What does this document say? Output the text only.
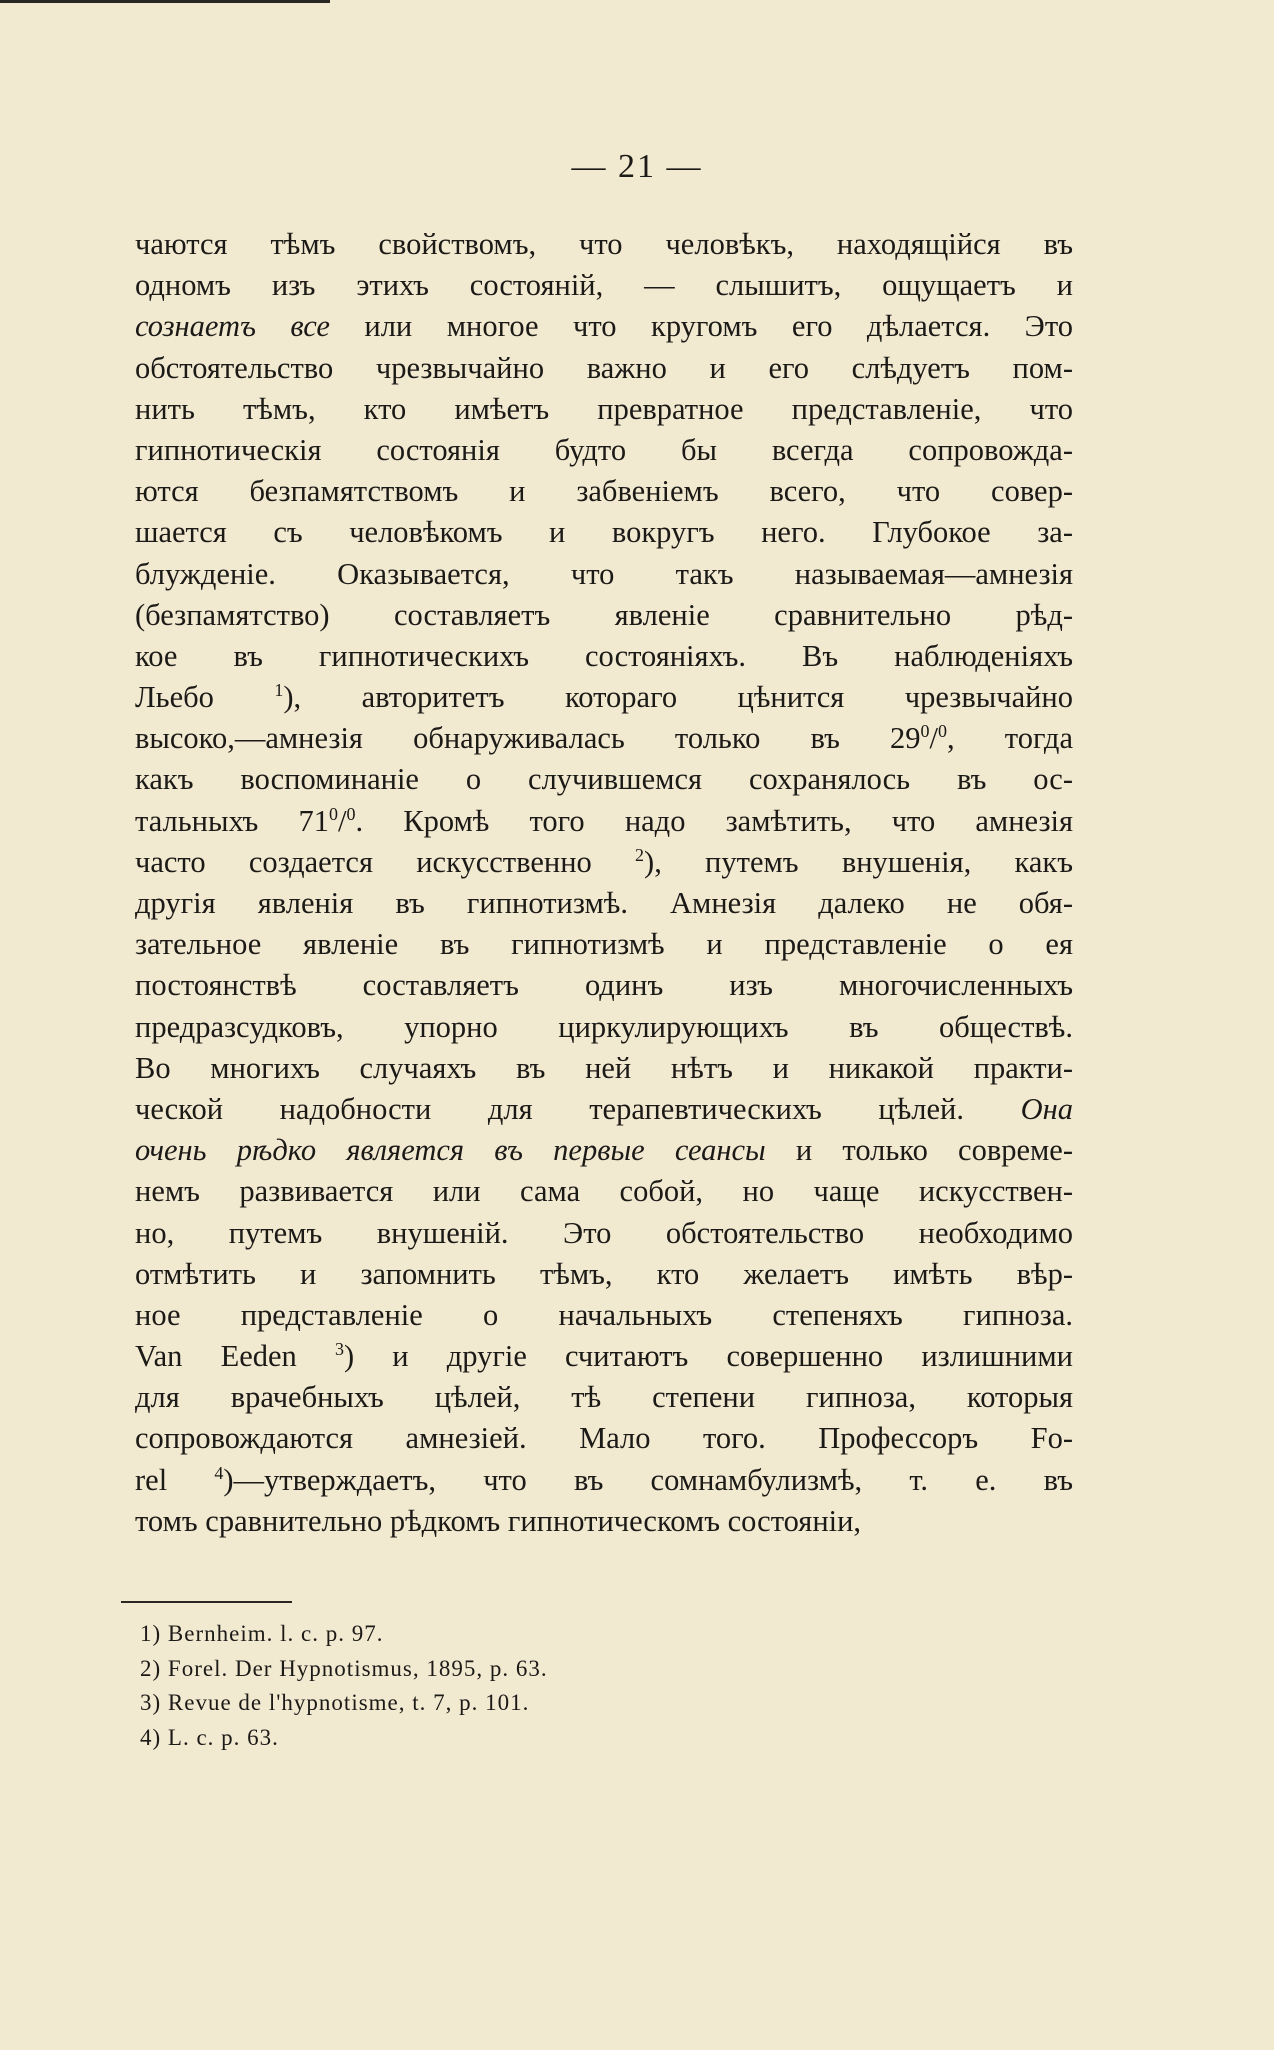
— 21 —
чаются тѣмъ свойствомъ, что человѣкъ, находящійся въ
одномъ изъ этихъ состояній, — слышитъ, ощущаетъ и
сознаетъ все или многое что кругомъ его дѣлается. Это
обстоятельство чрезвычайно важно и его слѣдуетъ пом-
нить тѣмъ, кто имѣетъ превратное представленіе, что
гипнотическія состоянія будто бы всегда сопровожда-
ются безпамятствомъ и забвеніемъ всего, что совер-
шается съ человѣкомъ и вокругъ него. Глубокое за-
блужденіе. Оказывается, что такъ называемая—амнезія
(безпамятство) составляетъ явленіе сравнительно рѣд-
кое въ гипнотическихъ состояніяхъ. Въ наблюденіяхъ
Льебо $^1$), авторитетъ котораго цѣнится чрезвычайно
высоко,—амнезія обнаруживалась только въ $29^0/^0$, тогда
какъ воспоминаніе о случившемся сохранялось въ ос-
тальныхъ $71^0/^0$. Кромѣ того надо замѣтить, что амнезія
часто создается искусственно $^2$), путемъ внушенія, какъ
другія явленія въ гипнотизмѣ. Амнезія далеко не обя-
зательное явленіе въ гипнотизмѣ и представленіе о ея
постоянствѣ составляетъ одинъ изъ многочисленныхъ
предразсудковъ, упорно циркулирующихъ въ обществѣ.
Во многихъ случаяхъ въ ней нѣтъ и никакой практи-
ческой надобности для терапевтическихъ цѣлей. Она
очень рѣдко является въ первые сеансы и только совреме-
немъ развивается или сама собой, но чаще искусствен-
но, путемъ внушеній. Это обстоятельство необходимо
отмѣтить и запомнить тѣмъ, кто желаетъ имѣть вѣр-
ное представленіе о начальныхъ степеняхъ гипноза.
Van Eeden $^3$) и другіе считаютъ совершенно излишними
для врачебныхъ цѣлей, тѣ степени гипноза, которыя
сопровождаются амнезіей. Мало того. Профессоръ Fo-
rel $^4$)—утверждаетъ, что въ сомнамбулизмѣ, т. е. въ
томъ сравнительно рѣдкомъ гипнотическомъ состояніи,
1) Bernheim. l. c. p. 97.
2) Forel. Der Hypnotismus, 1895, p. 63.
3) Revue de l'hypnotisme, t. 7, p. 101.
4) L. c. p. 63.
